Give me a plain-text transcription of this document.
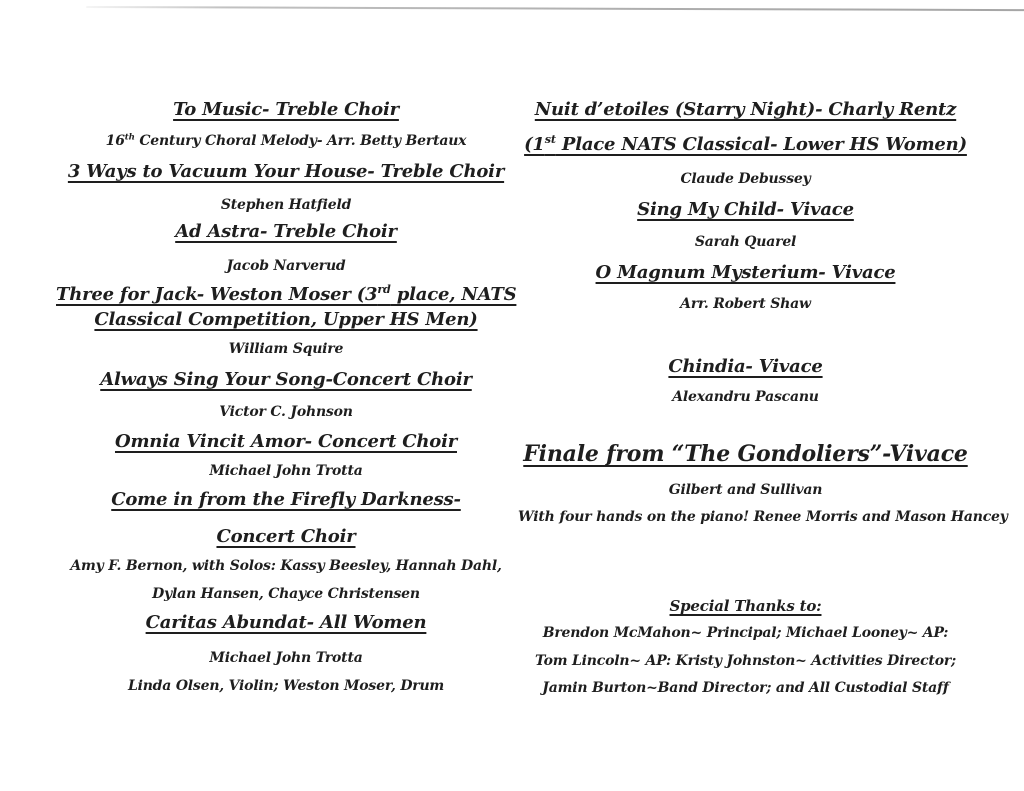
To Music- Treble Choir
16th Century Choral Melody- Arr. Betty Bertaux
3 Ways to Vacuum Your House- Treble Choir
Stephen Hatfield
Ad Astra- Treble Choir
Jacob Narverud
Three for Jack- Weston Moser (3rd place, NATS
Classical Competition, Upper HS Men)
William Squire
Always Sing Your Song-Concert Choir
Victor C. Johnson
Omnia Vincit Amor- Concert Choir
Michael John Trotta
Come in from the Firefly Darkness-
Concert Choir
Amy F. Bernon, with Solos: Kassy Beesley, Hannah Dahl,
Dylan Hansen, Chayce Christensen
Caritas Abundat- All Women
Michael John Trotta
Linda Olsen, Violin; Weston Moser, Drum
Nuit d’etoiles (Starry Night)- Charly Rentz
(1st Place NATS Classical- Lower HS Women)
Claude Debussey
Sing My Child- Vivace
Sarah Quarel
O Magnum Mysterium- Vivace
Arr. Robert Shaw
Chindia- Vivace
Alexandru Pascanu
Finale from “The Gondoliers”-Vivace
Gilbert and Sullivan
With four hands on the piano! Renee Morris and Mason Hancey
Special Thanks to:
Brendon McMahon~ Principal; Michael Looney~ AP:
Tom Lincoln~ AP: Kristy Johnston~ Activities Director;
Jamin Burton~Band Director; and All Custodial Staff
